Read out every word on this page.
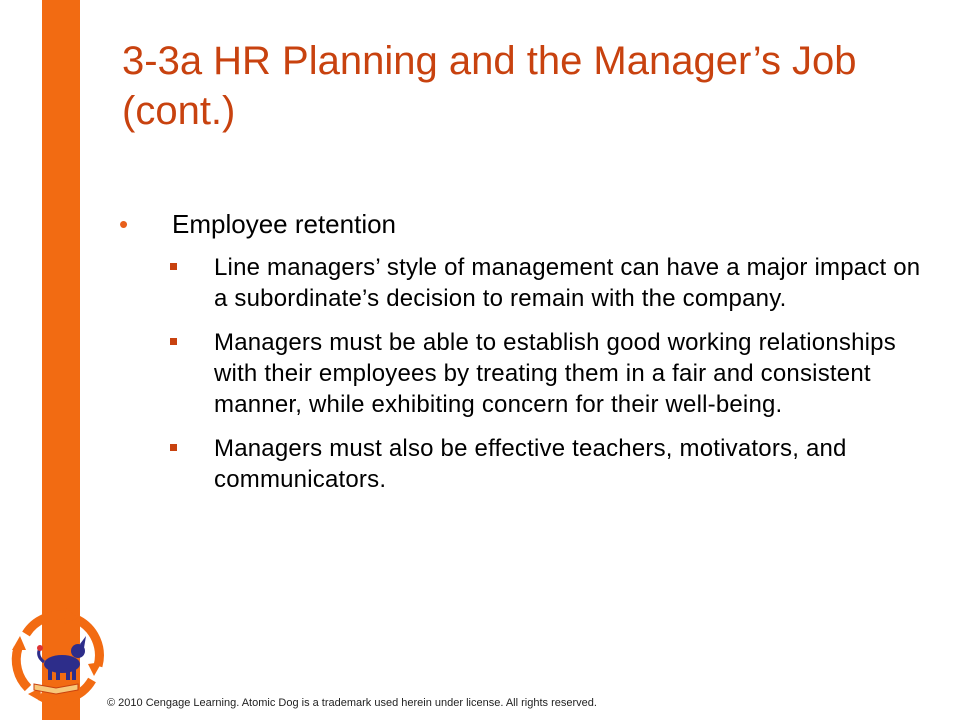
3-3a HR Planning and the Manager’s Job (cont.)
• Employee retention
Line managers’ style of management can have a major impact on a subordinate’s decision to remain with the company.
Managers must be able to establish good working relationships with their employees by treating them in a fair and consistent manner, while exhibiting concern for their well-being.
Managers must also be effective teachers, motivators, and communicators.
© 2010 Cengage Learning. Atomic Dog is a trademark used herein under license. All rights reserved.
